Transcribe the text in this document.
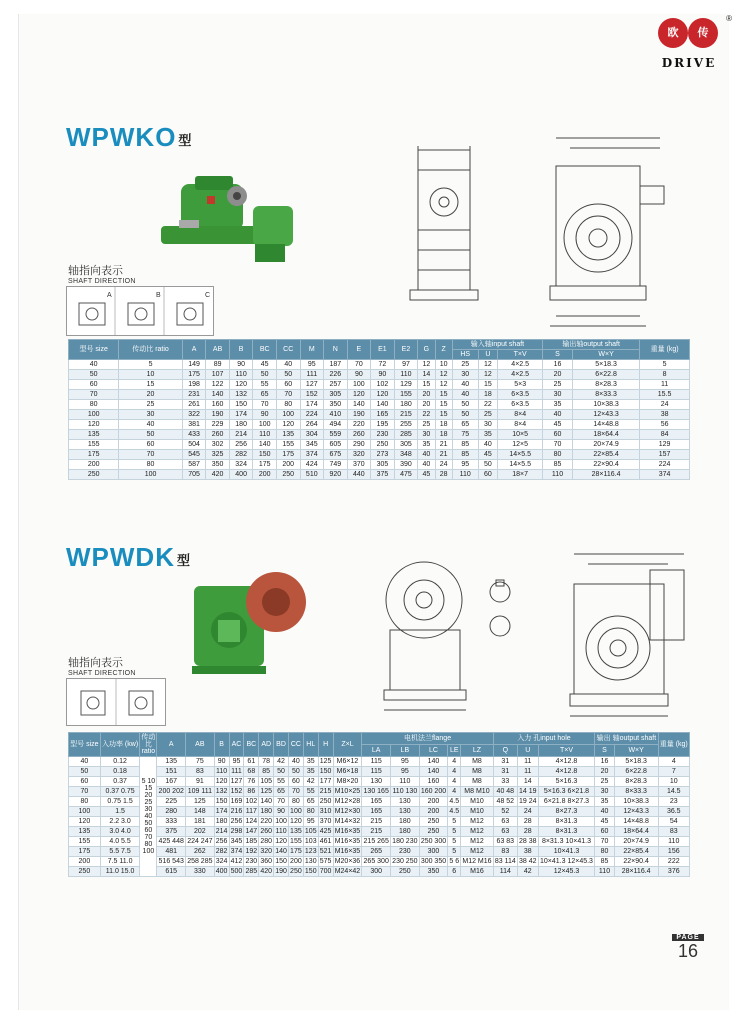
欧	传
DRIVE
®
WPWKO 型
轴指向表示
SHAFT DIRECTION
A	B	C
型号 size	传动比 ratio	A	AB	B	BC	CC	M	N	E	E1	E2	G	Z	输入轴input shaft			输出轴output shaft		重量 (kg)
														HS	U	T×V	S	W×Y	
40	5	149	89	90	45	40	95	187	70	72	97	12	10	25	12	4×2.5	16	5×18.3	5
50	10	175	107	110	50	50	111	226	90	90	110	14	12	30	12	4×2.5	20	6×22.8	8
60	15	198	122	120	55	60	127	257	100	102	129	15	12	40	15	5×3	25	8×28.3	11
70	20	231	140	132	65	70	152	305	120	120	155	20	15	40	18	6×3.5	30	8×33.3	15.5
80	25	261	160	150	70	80	174	350	140	140	180	20	15	50	22	6×3.5	35	10×38.3	24
100	30	322	190	174	90	100	224	410	190	165	215	22	15	50	25	8×4	40	12×43.3	38
120	40	381	229	180	100	120	264	494	220	195	255	25	18	65	30	8×4	45	14×48.8	56
135	50	433	260	214	110	135	304	559	260	230	285	30	18	75	35	10×5	60	18×64.4	84
155	60	504	302	256	140	155	345	605	290	250	305	35	21	85	40	12×5	70	20×74.9	129
175	70	545	325	282	150	175	374	675	320	273	348	40	21	85	45	14×5.5	80	22×85.4	157
200	80	587	350	324	175	200	424	749	370	305	390	40	24	95	50	14×5.5	85	22×90.4	224
250	100	705	420	400	200	250	510	920	440	375	475	45	28	110	60	18×7	110	28×116.4	374
WPWDK 型
轴指向表示
SHAFT DIRECTION
型号 size	入功率 (kw)	传动比 ratio	A	AB	B	AC	BC	AD	BD	CC	HL	H	Z×L	电机法兰flange					入力 孔input hole			输出 轴output shaft		重量 (kg)
														LA	LB	LC	LE	LZ	Q	U	T×V	S	W×Y	
40	0.12	5 10 15 20 25 30 40 50 60 70 80 100	135	75	90	95	61	78	42	40	35	125	M6×12	115	95	140	4	M8	31	11	4×12.8	16	5×18.3	4
50	0.18		151	83	110	111	68	85	50	50	35	150	M6×18	115	95	140	4	M8	31	11	4×12.8	20	6×22.8	7
60	0.37		167	91	120	127	76	105	55	60	42	177	M8×20	130	110	160	4	M8	33	14	5×16.3	25	8×28.3	10
70	0.37 0.75		200 202	109 111	132	152	86	125	65	70	55	215	M10×25	130 165	110 130	160 200	4	M8 M10	40 48	14 19	5×16.3 6×21.8	30	8×33.3	14.5
80	0.75 1.5		225	125	150	169	102	140	70	80	65	250	M12×28	165	130	200	4.5	M10	48 52	19 24	6×21.8 8×27.3	35	10×38.3	23
100	1.5		280	148	174	216	117	180	90	100	80	310	M12×30	165	130	200	4.5	M10	52	24	8×27.3	40	12×43.3	36.5
120	2.2 3.0		333	181	180	256	124	220	100	120	95	370	M14×32	215	180	250	5	M12	63	28	8×31.3	45	14×48.8	54
135	3.0 4.0		375	202	214	298	147	260	110	135	105	425	M16×35	215	180	250	5	M12	63	28	8×31.3	60	18×64.4	83
155	4.0 5.5		425 448	224 247	256	345	185	280	120	155	103	461	M16×35	215 265	180 230	250 300	5	M12	63 83	28 38	8×31.3 10×41.3	70	20×74.9	110
175	5.5 7.5		481	262	282	374	192	320	140	175	123	521	M16×35	265	230	300	5	M12	83	38	10×41.3	80	22×85.4	156
200	7.5 11.0		516 543	258 285	324	412	230	360	150	200	130	575	M20×36	265 300	230 250	300 350	5 6	M12 M16	83 114	38 42	10×41.3 12×45.3	85	22×90.4	222
250	11.0 15.0		615	330	400	500	285	420	190	250	150	700	M24×42	300	250	350	6	M16	114	42	12×45.3	110	28×116.4	376
PAGE
16
